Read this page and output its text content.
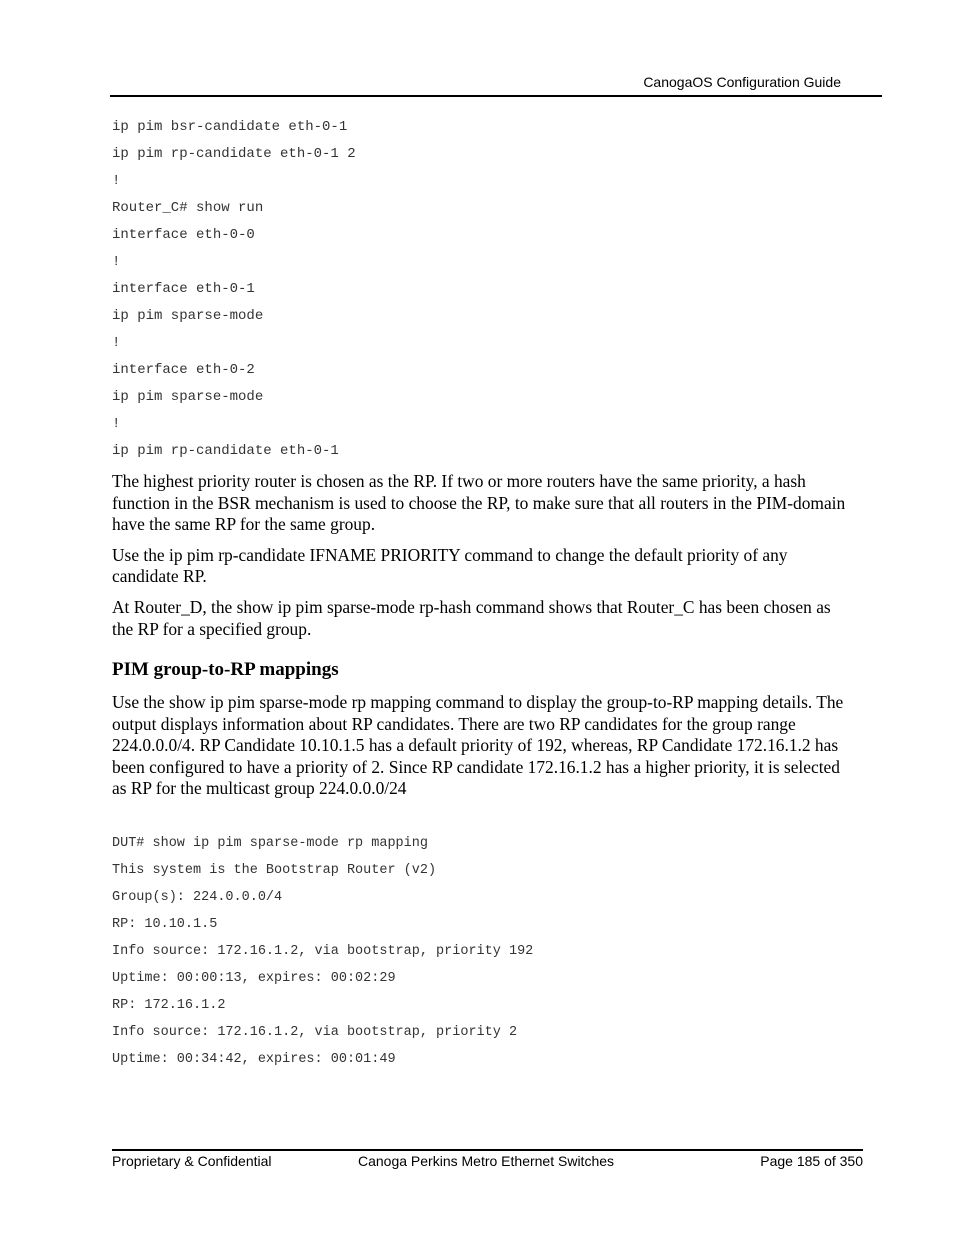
CanogaOS Configuration Guide
ip pim bsr-candidate eth-0-1
ip pim rp-candidate eth-0-1 2
!
Router_C# show run
interface eth-0-0
!
interface eth-0-1
ip pim sparse-mode
!
interface eth-0-2
ip pim sparse-mode
!
ip pim rp-candidate eth-0-1

The highest priority router is chosen as the RP. If two or more routers have the same priority, a hash function in the BSR mechanism is used to choose the RP, to make sure that all routers in the PIM-domain have the same RP for the same group.

Use the ip pim rp-candidate IFNAME PRIORITY command to change the default priority of any candidate RP.

At Router_D, the show ip pim sparse-mode rp-hash command shows that Router_C has been chosen as the RP for a specified group.

PIM group-to-RP mappings

Use the show ip pim sparse-mode rp mapping command to display the group-to-RP mapping details. The output displays information about RP candidates. There are two RP candidates for the group range 224.0.0.0/4. RP Candidate 10.10.1.5 has a default priority of 192, whereas, RP Candidate 172.16.1.2 has been configured to have a priority of 2. Since RP candidate 172.16.1.2 has a higher priority, it is selected as RP for the multicast group 224.0.0.0/24

DUT# show ip pim sparse-mode rp mapping
This system is the Bootstrap Router (v2)
Group(s): 224.0.0.0/4
RP: 10.10.1.5
Info source: 172.16.1.2, via bootstrap, priority 192
Uptime: 00:00:13, expires: 00:02:29
RP: 172.16.1.2
Info source: 172.16.1.2, via bootstrap, priority 2
Uptime: 00:34:42, expires: 00:01:49
Proprietary & Confidential	Canoga Perkins Metro Ethernet Switches	Page 185 of 350
